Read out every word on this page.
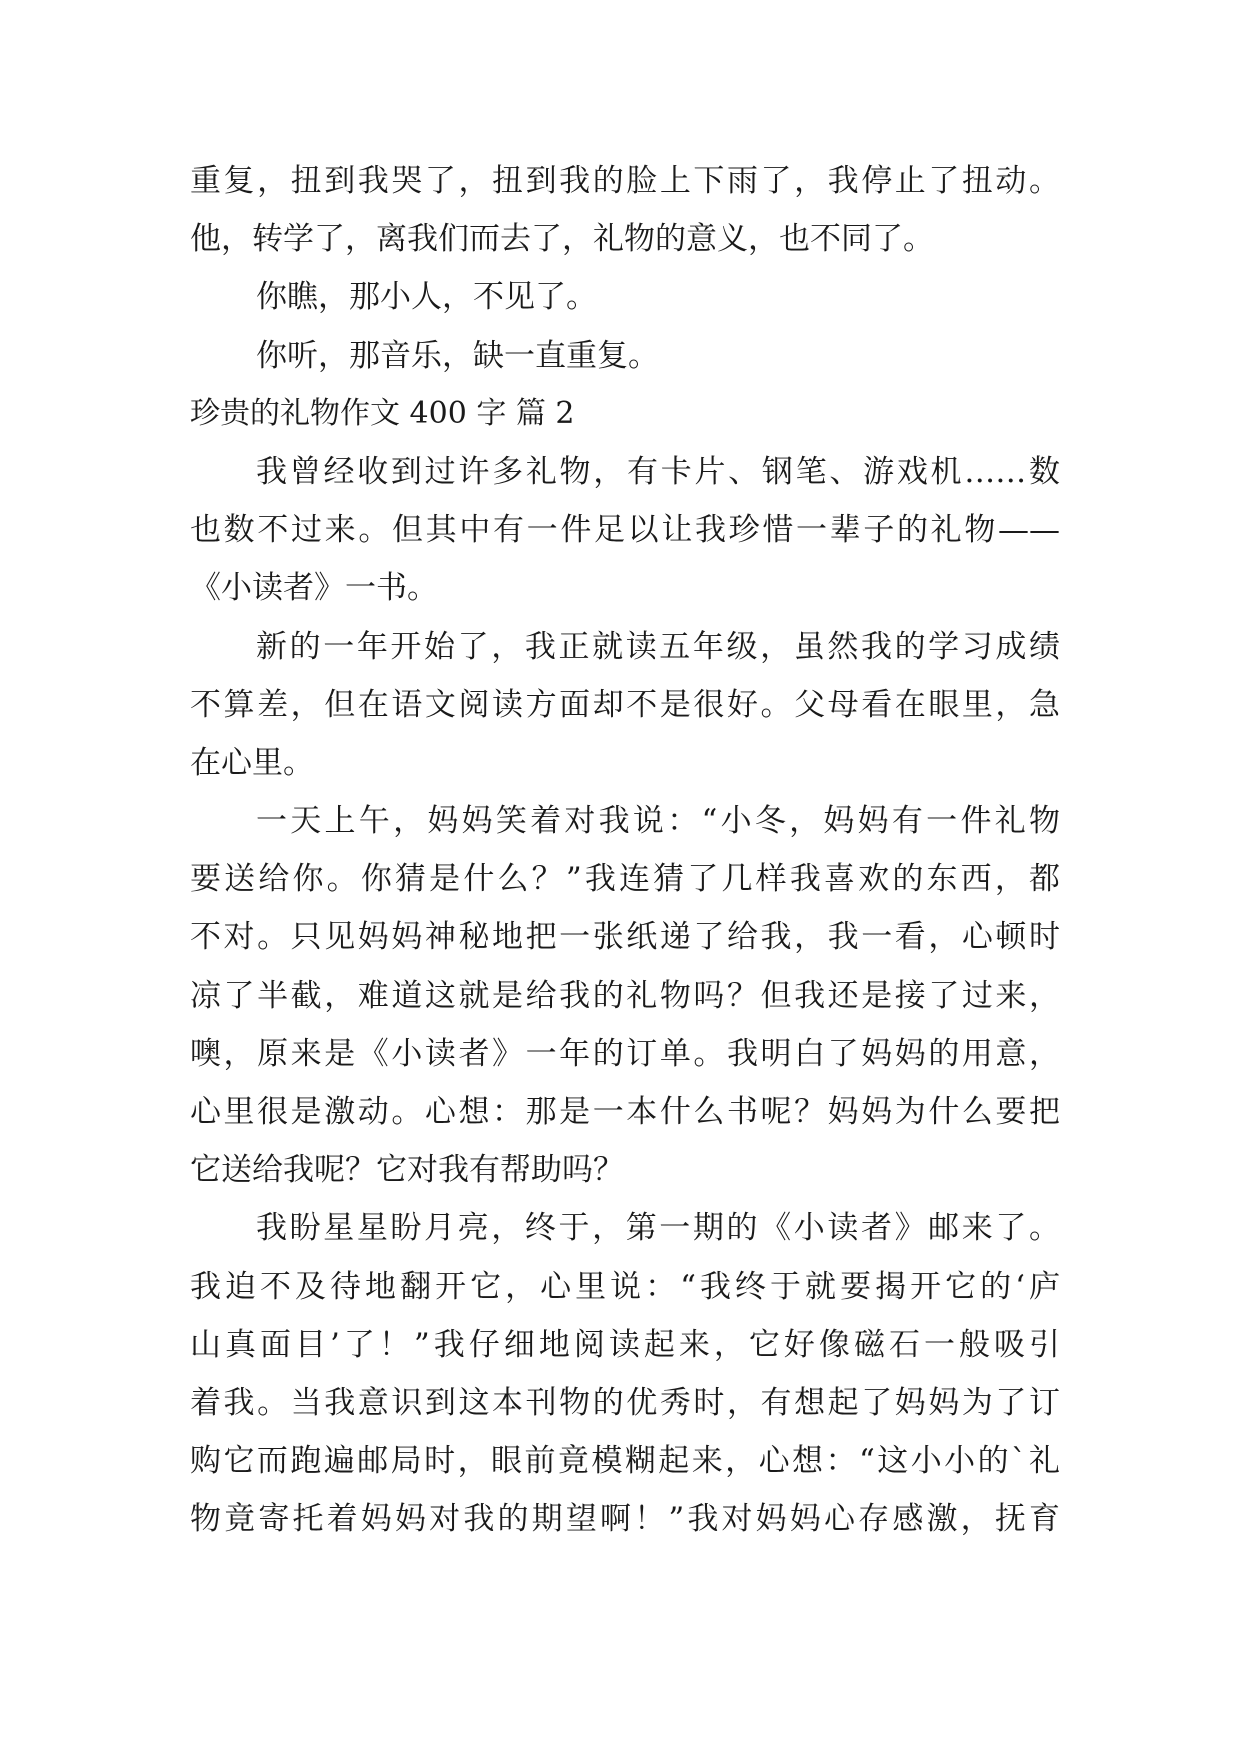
重复，扭到我哭了，扭到我的脸上下雨了，我停止了扭动。
他，转学了，离我们而去了，礼物的意义，也不同了。
你瞧，那小人，不见了。
你听，那音乐，缺一直重复。
珍贵的礼物作文 400 字 篇 2
我曾经收到过许多礼物，有卡片、钢笔、游戏机……数
也数不过来。但其中有一件足以让我珍惜一辈子的礼物——
《小读者》一书。
新的一年开始了，我正就读五年级，虽然我的学习成绩
不算差，但在语文阅读方面却不是很好。父母看在眼里，急
在心里。
一天上午，妈妈笑着对我说：“小冬，妈妈有一件礼物
要送给你。你猜是什么？”我连猜了几样我喜欢的东西，都
不对。只见妈妈神秘地把一张纸递了给我，我一看，心顿时
凉了半截，难道这就是给我的礼物吗？但我还是接了过来，
噢，原来是《小读者》一年的订单。我明白了妈妈的用意，
心里很是激动。心想：那是一本什么书呢？妈妈为什么要把
它送给我呢？它对我有帮助吗？
我盼星星盼月亮，终于，第一期的《小读者》邮来了。
我迫不及待地翻开它，心里说：“我终于就要揭开它的‘庐
山真面目’了！”我仔细地阅读起来，它好像磁石一般吸引
着我。当我意识到这本刊物的优秀时，有想起了妈妈为了订
购它而跑遍邮局时，眼前竟模糊起来，心想：“这小小的`礼
物竟寄托着妈妈对我的期望啊！”我对妈妈心存感激，抚育
